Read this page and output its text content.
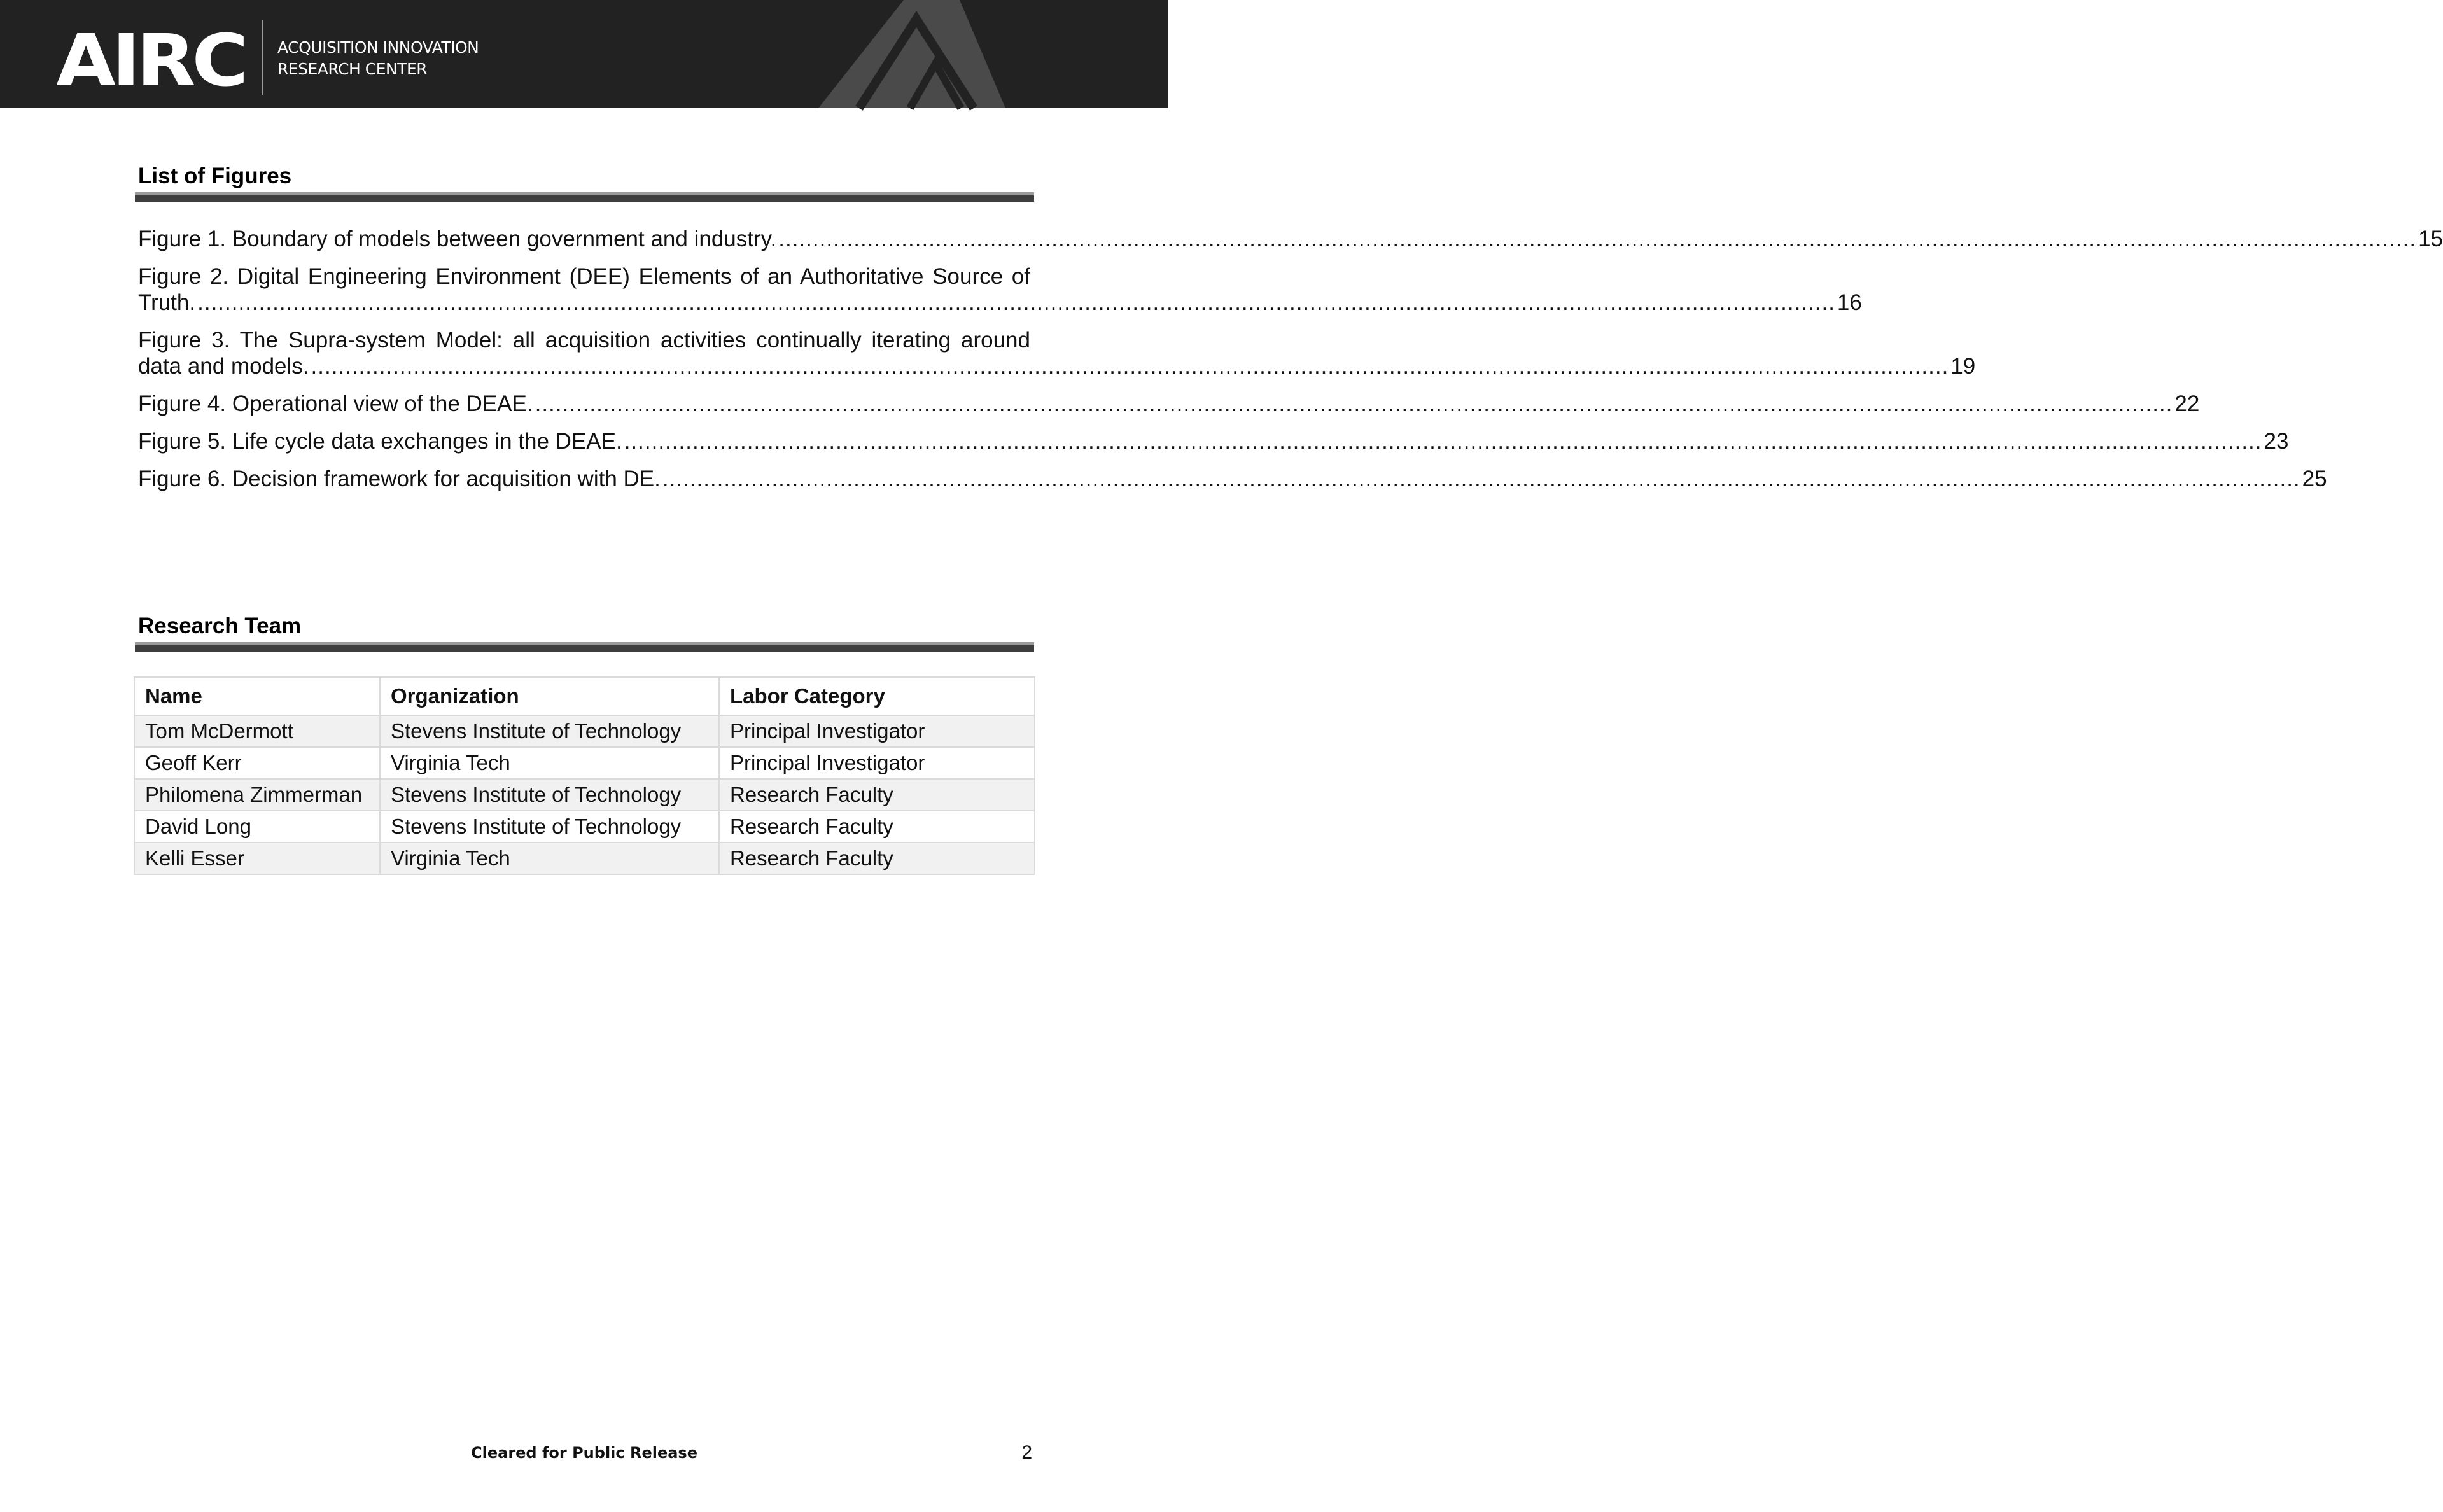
AIRC ACQUISITION INNOVATION
RESEARCH CENTER
List of Figures
Figure 1. Boundary of models between government and industry. .....	15
Figure 2. Digital Engineering Environment (DEE) Elements of an Authoritative Source of
Truth. .....	16
Figure 3. The Supra-system Model: all acquisition activities continually iterating around
data and models. .....	19
Figure 4. Operational view of the DEAE. .....	22
Figure 5. Life cycle data exchanges in the DEAE. .....	23
Figure 6. Decision framework for acquisition with DE. .....	25
Research Team
Name	Organization	Labor Category
Tom McDermott	Stevens Institute of Technology	Principal Investigator
Geoff Kerr	Virginia Tech	Principal Investigator
Philomena Zimmerman	Stevens Institute of Technology	Research Faculty
David Long	Stevens Institute of Technology	Research Faculty
Kelli Esser	Virginia Tech	Research Faculty
Cleared for Public Release	2
